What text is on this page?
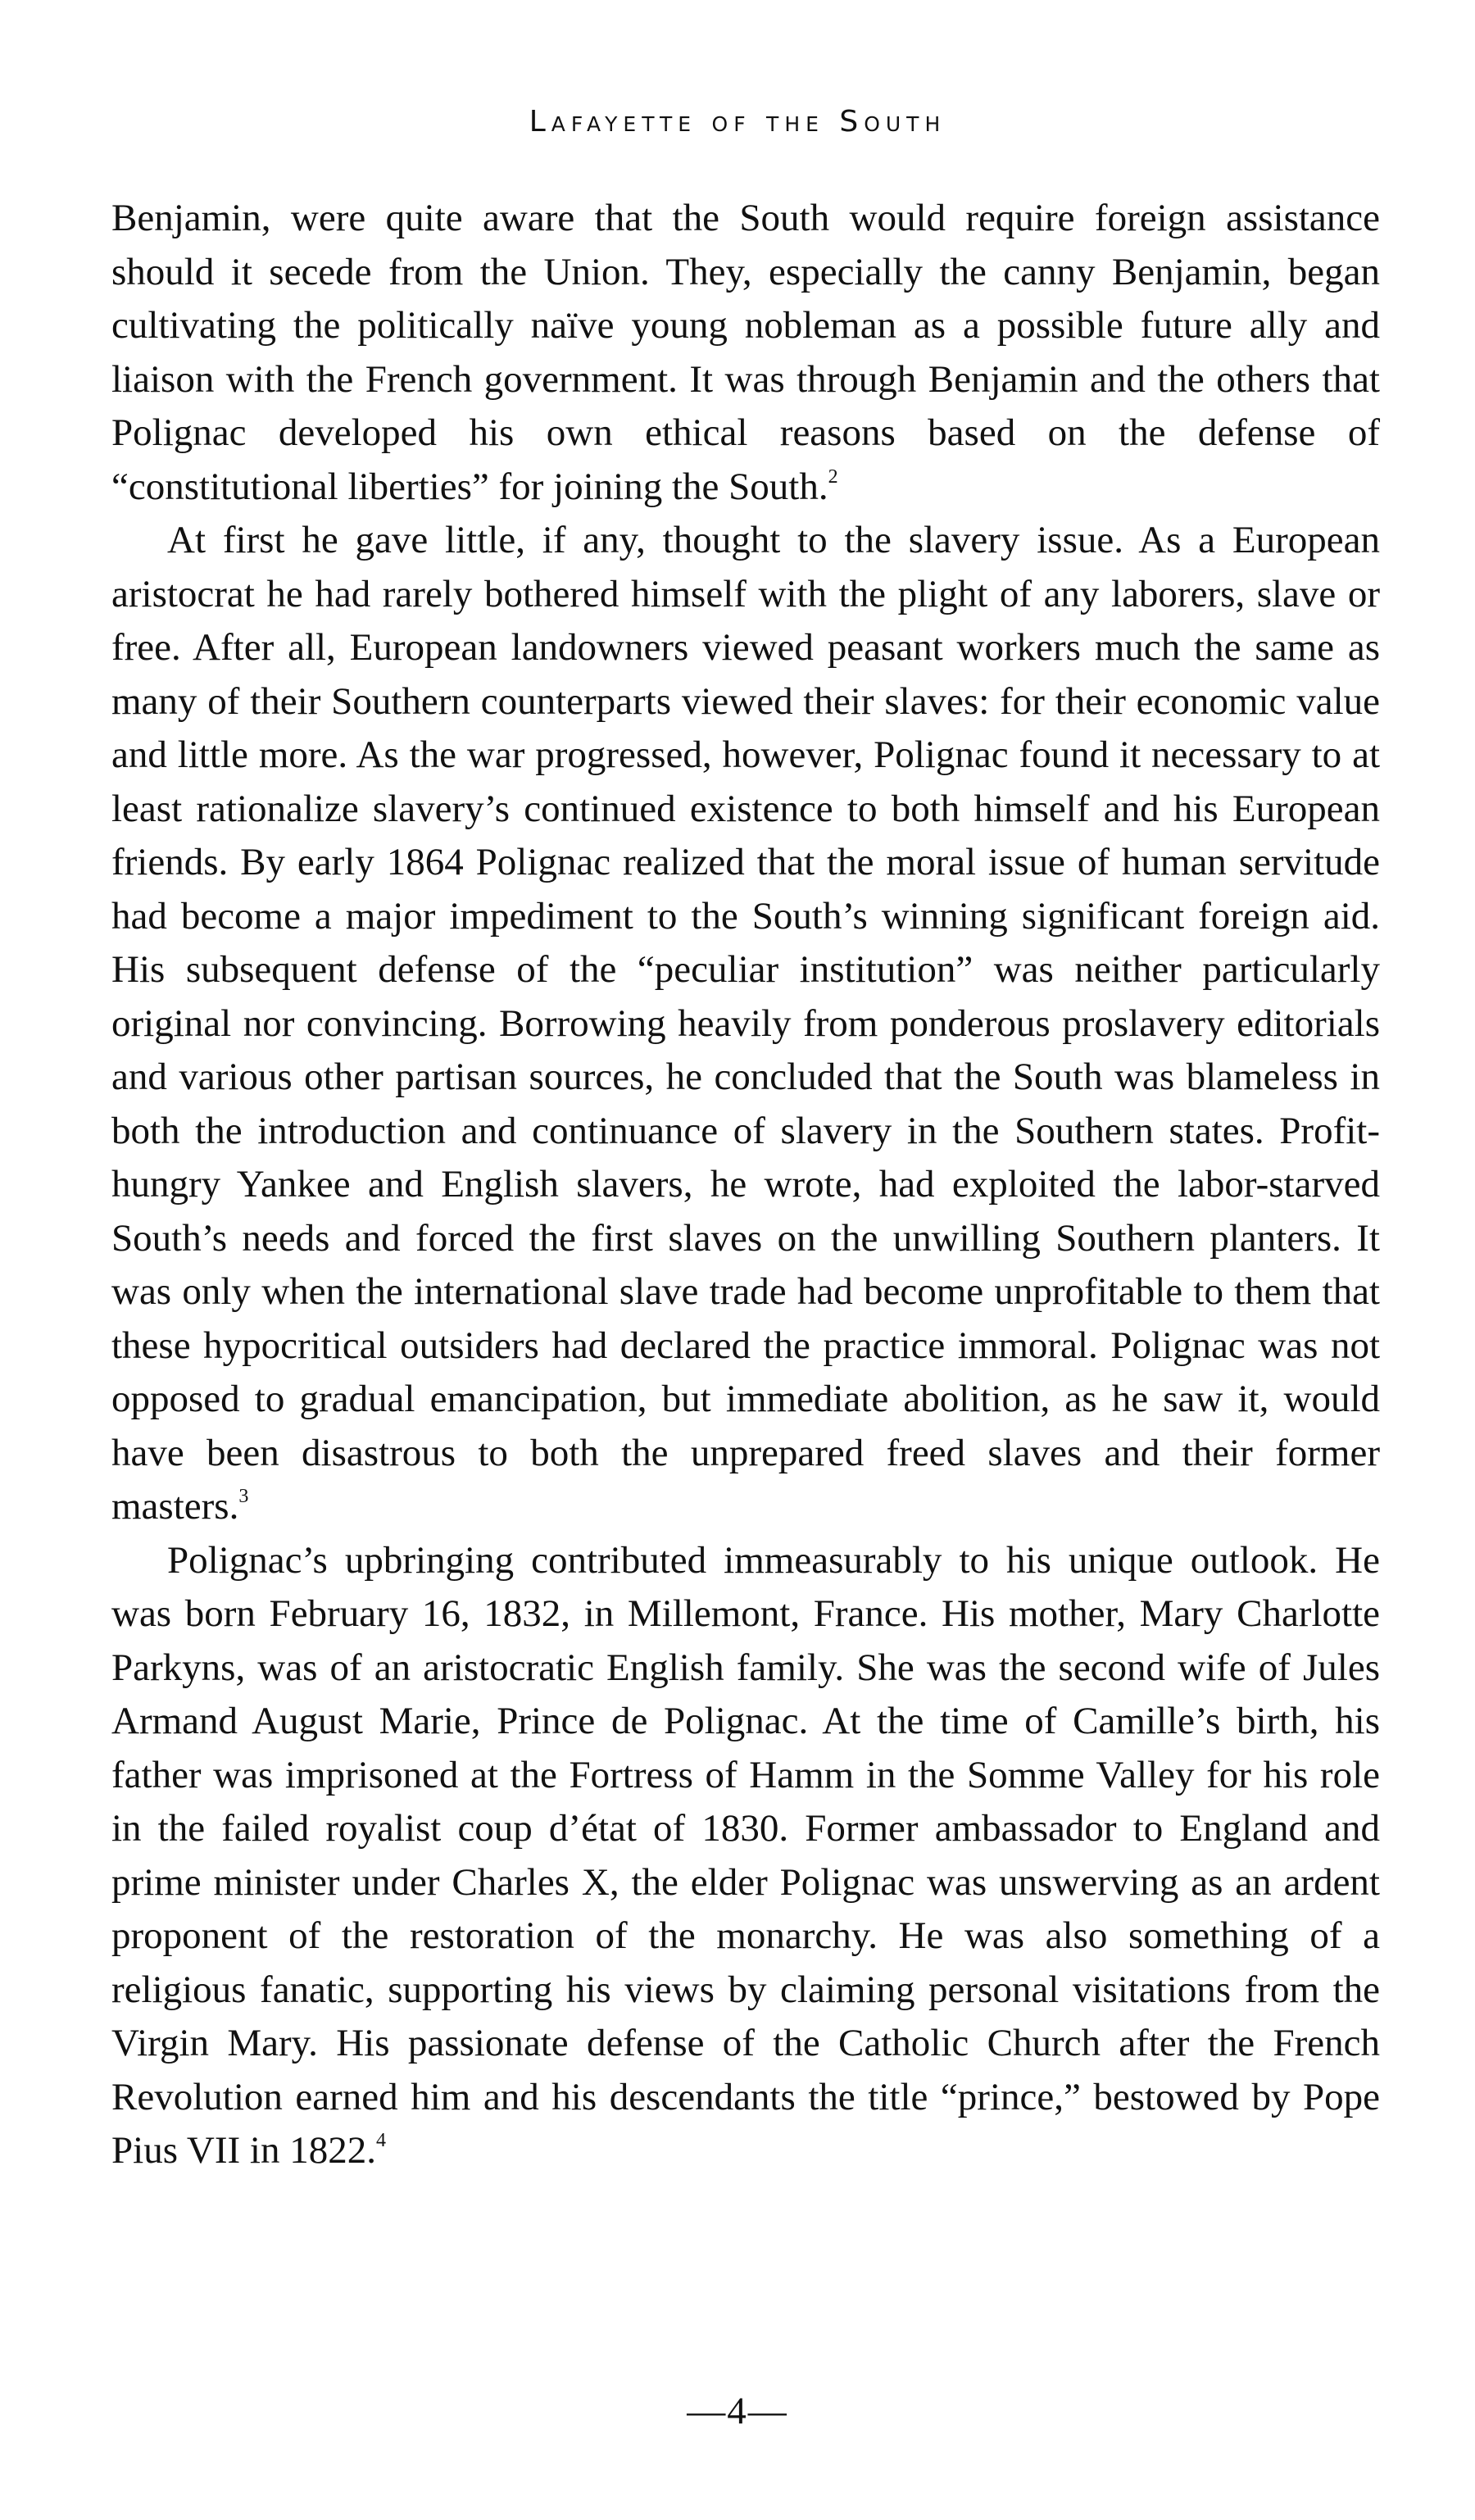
Lafayette of the South

Benjamin, were quite aware that the South would require foreign assistance should it secede from the Union. They, especially the canny Benjamin, began cultivating the politically naïve young nobleman as a possible future ally and liaison with the French government. It was through Benjamin and the others that Polignac developed his own ethical reasons based on the defense of “constitutional liberties” for joining the South.$^2$

At first he gave little, if any, thought to the slavery issue. As a European aristocrat he had rarely bothered himself with the plight of any laborers, slave or free. After all, European landowners viewed peasant workers much the same as many of their Southern counterparts viewed their slaves: for their economic value and little more. As the war progressed, however, Polignac found it necessary to at least rationalize slavery’s continued existence to both himself and his European friends. By early 1864 Polignac realized that the moral issue of human servitude had become a major impediment to the South’s winning significant foreign aid. His subsequent defense of the “peculiar institution” was neither particularly original nor convincing. Borrowing heavily from ponderous proslavery editorials and various other partisan sources, he concluded that the South was blameless in both the introduction and continuance of slavery in the Southern states. Profit-hungry Yankee and English slavers, he wrote, had exploited the labor-starved South’s needs and forced the first slaves on the unwilling Southern planters. It was only when the international slave trade had become unprofitable to them that these hypocritical outsiders had declared the practice immoral. Polignac was not opposed to gradual emancipation, but immediate abolition, as he saw it, would have been disastrous to both the unprepared freed slaves and their former masters.$^3$

Polignac’s upbringing contributed immeasurably to his unique outlook. He was born February 16, 1832, in Millemont, France. His mother, Mary Charlotte Parkyns, was of an aristocratic English family. She was the second wife of Jules Armand August Marie, Prince de Polignac. At the time of Camille’s birth, his father was imprisoned at the Fortress of Hamm in the Somme Valley for his role in the failed royalist coup d’état of 1830. Former ambassador to England and prime minister under Charles X, the elder Polignac was unswerving as an ardent proponent of the restoration of the monarchy. He was also something of a religious fanatic, supporting his views by claiming personal visitations from the Virgin Mary. His passionate defense of the Catholic Church after the French Revolution earned him and his descendants the title “prince,” bestowed by Pope Pius VII in 1822.$^4$

—4—
